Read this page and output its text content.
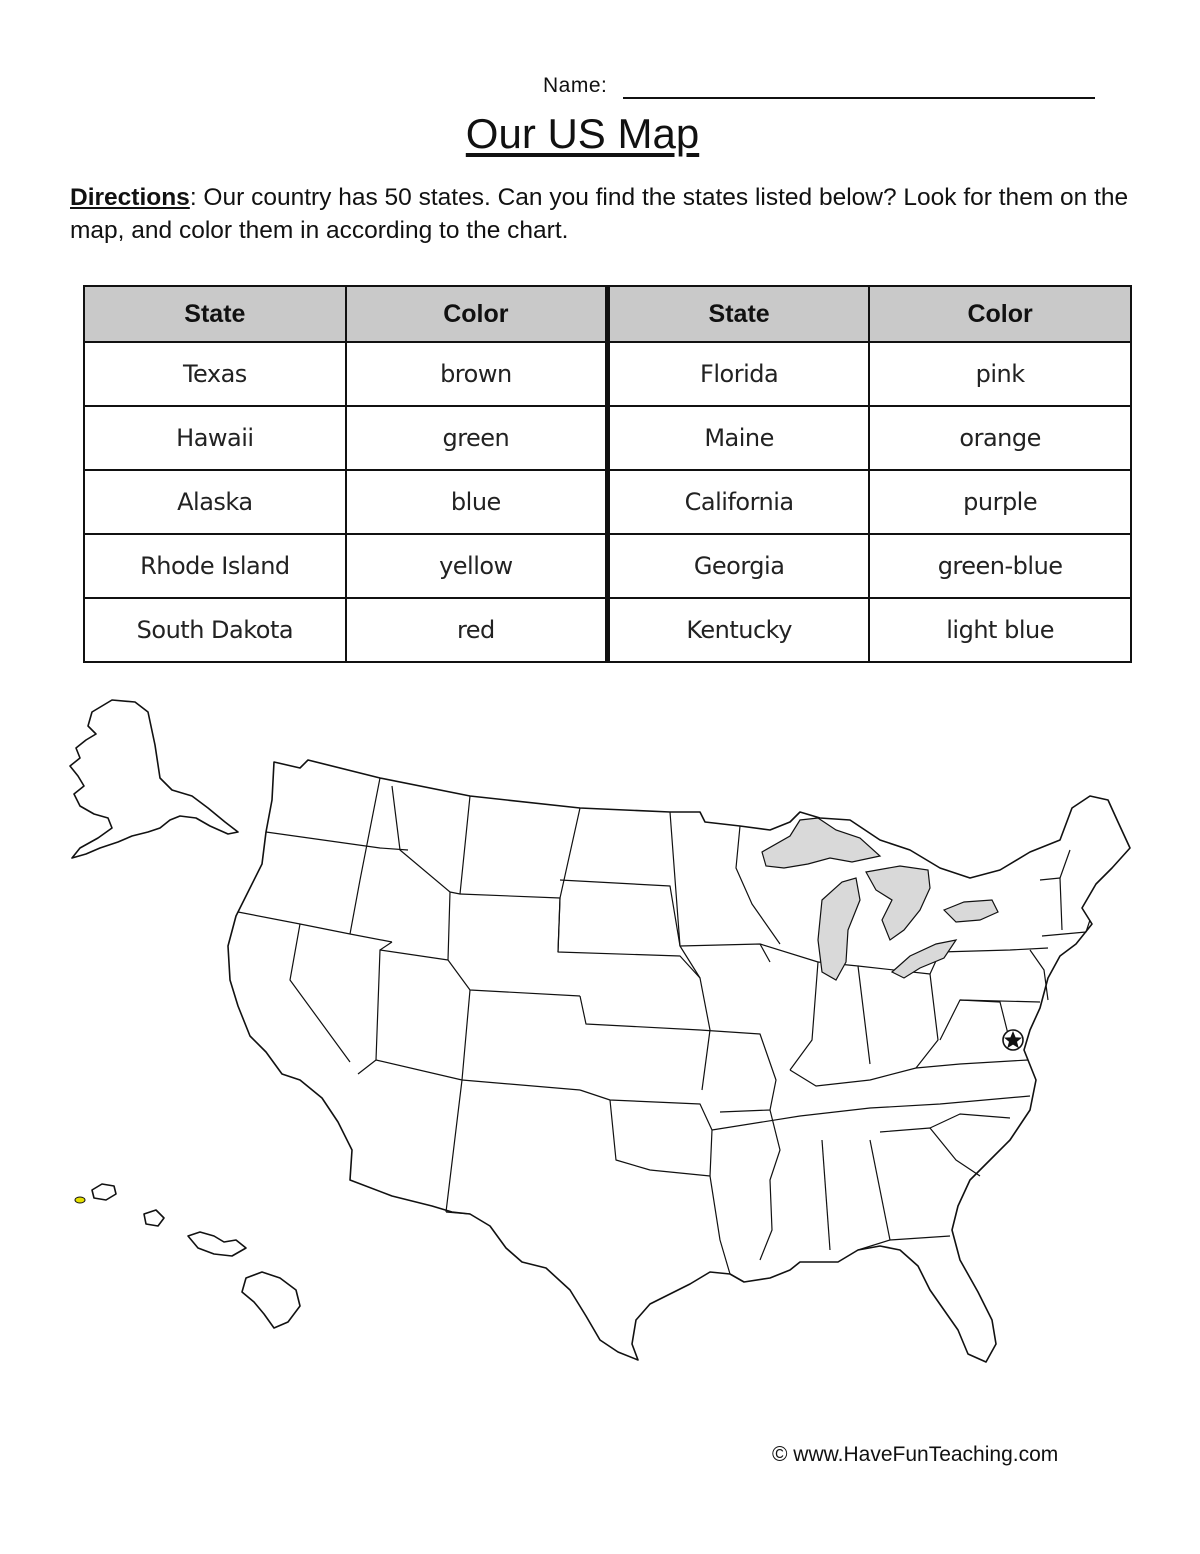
Name:
Our US Map
Directions: Our country has 50 states. Can you find the states listed below? Look for them on the map, and color them in according to the chart.
State	Color	State	Color
Texas	brown	Florida	pink
Hawaii	green	Maine	orange
Alaska	blue	California	purple
Rhode Island	yellow	Georgia	green-blue
South Dakota	red	Kentucky	light blue
© www.HaveFunTeaching.com
